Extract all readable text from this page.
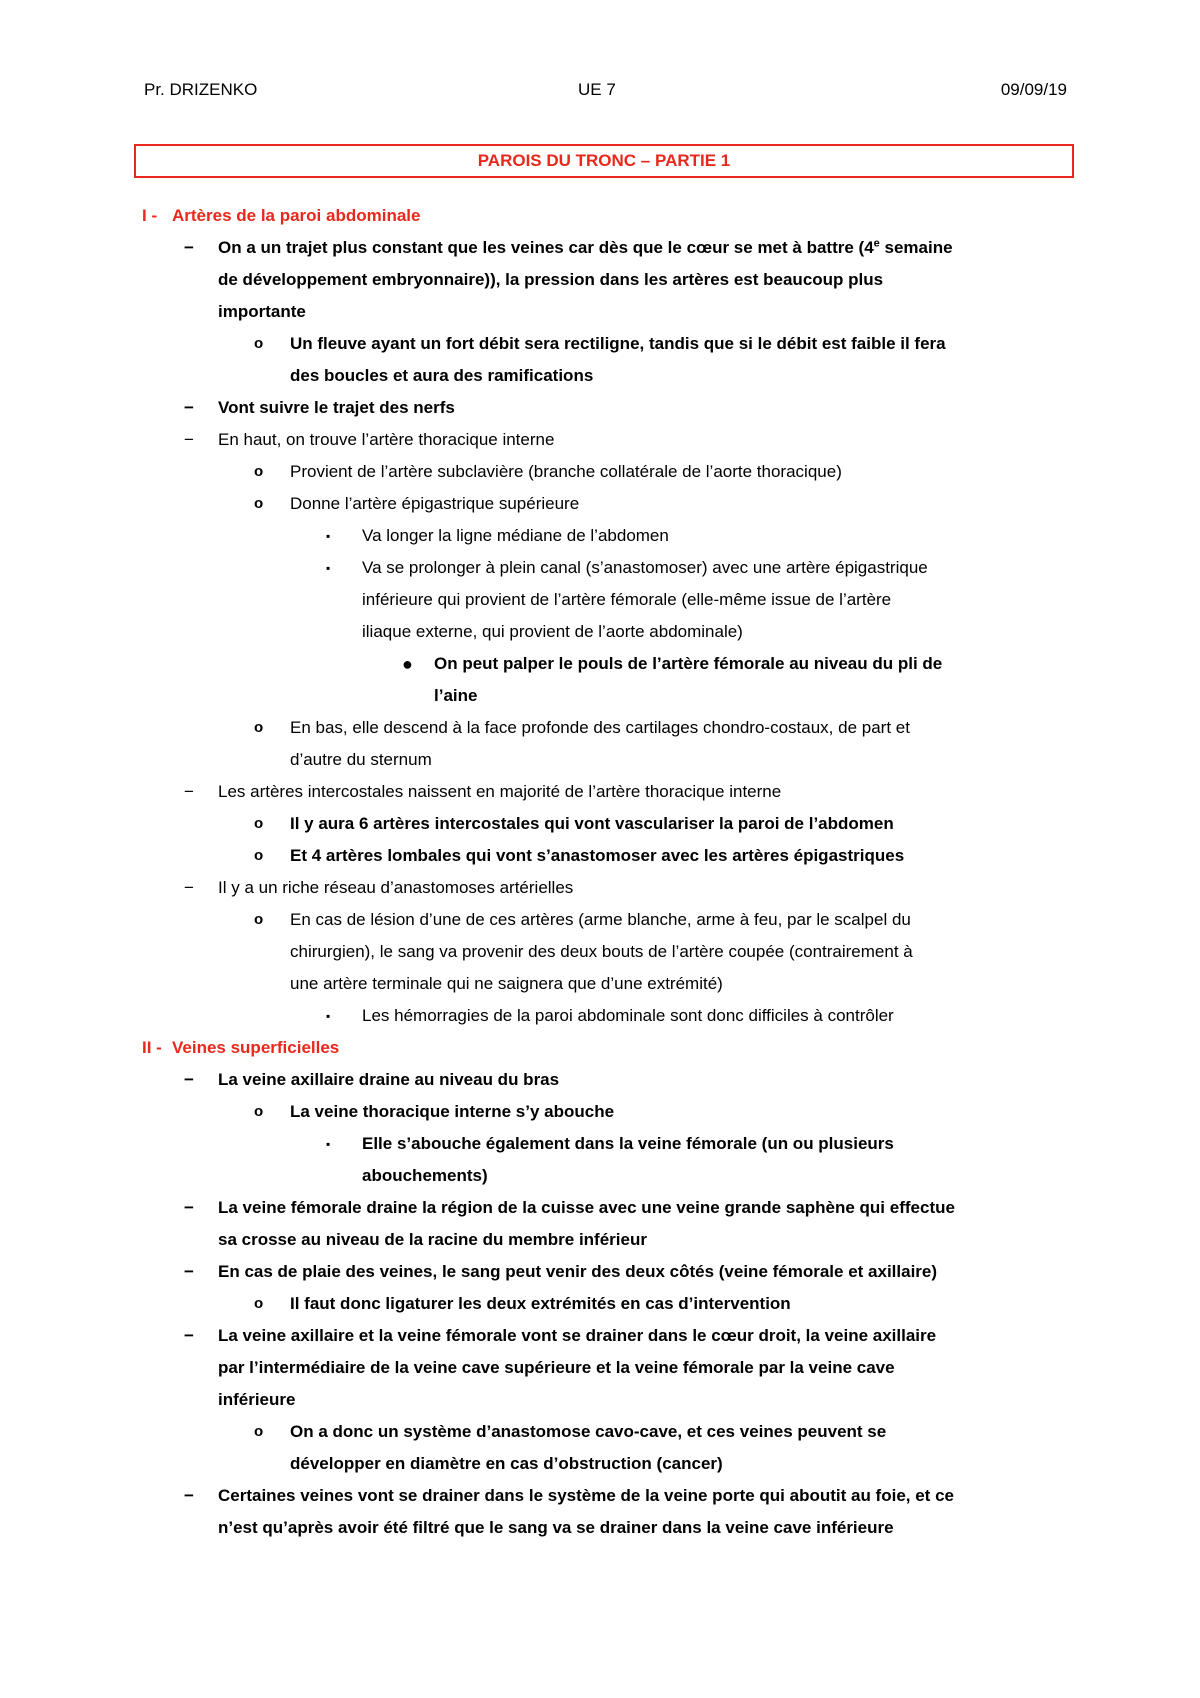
Pr. DRIZENKO	UE 7	09/09/19
PAROIS DU TRONC – PARTIE 1
I - Artères de la paroi abdominale
− On a un trajet plus constant que les veines car dès que le cœur se met à battre (4e semaine
de développement embryonnaire)), la pression dans les artères est beaucoup plus
importante
o Un fleuve ayant un fort débit sera rectiligne, tandis que si le débit est faible il fera
des boucles et aura des ramifications
− Vont suivre le trajet des nerfs
− En haut, on trouve l’artère thoracique interne
o Provient de l’artère subclavière (branche collatérale de l’aorte thoracique)
o Donne l’artère épigastrique supérieure
▪ Va longer la ligne médiane de l’abdomen
▪ Va se prolonger à plein canal (s’anastomoser) avec une artère épigastrique
inférieure qui provient de l’artère fémorale (elle-même issue de l’artère
iliaque externe, qui provient de l’aorte abdominale)
● On peut palper le pouls de l’artère fémorale au niveau du pli de
l’aine
o En bas, elle descend à la face profonde des cartilages chondro-costaux, de part et
d’autre du sternum
− Les artères intercostales naissent en majorité de l’artère thoracique interne
o Il y aura 6 artères intercostales qui vont vasculariser la paroi de l’abdomen
o Et 4 artères lombales qui vont s’anastomoser avec les artères épigastriques
− Il y a un riche réseau d’anastomoses artérielles
o En cas de lésion d’une de ces artères (arme blanche, arme à feu, par le scalpel du
chirurgien), le sang va provenir des deux bouts de l’artère coupée (contrairement à
une artère terminale qui ne saignera que d’une extrémité)
▪ Les hémorragies de la paroi abdominale sont donc difficiles à contrôler
II - Veines superficielles
− La veine axillaire draine au niveau du bras
o La veine thoracique interne s’y abouche
▪ Elle s’abouche également dans la veine fémorale (un ou plusieurs
abouchements)
− La veine fémorale draine la région de la cuisse avec une veine grande saphène qui effectue
sa crosse au niveau de la racine du membre inférieur
− En cas de plaie des veines, le sang peut venir des deux côtés (veine fémorale et axillaire)
o Il faut donc ligaturer les deux extrémités en cas d’intervention
− La veine axillaire et la veine fémorale vont se drainer dans le cœur droit, la veine axillaire
par l’intermédiaire de la veine cave supérieure et la veine fémorale par la veine cave
inférieure
o On a donc un système d’anastomose cavo-cave, et ces veines peuvent se
développer en diamètre en cas d’obstruction (cancer)
− Certaines veines vont se drainer dans le système de la veine porte qui aboutit au foie, et ce
n’est qu’après avoir été filtré que le sang va se drainer dans la veine cave inférieure
